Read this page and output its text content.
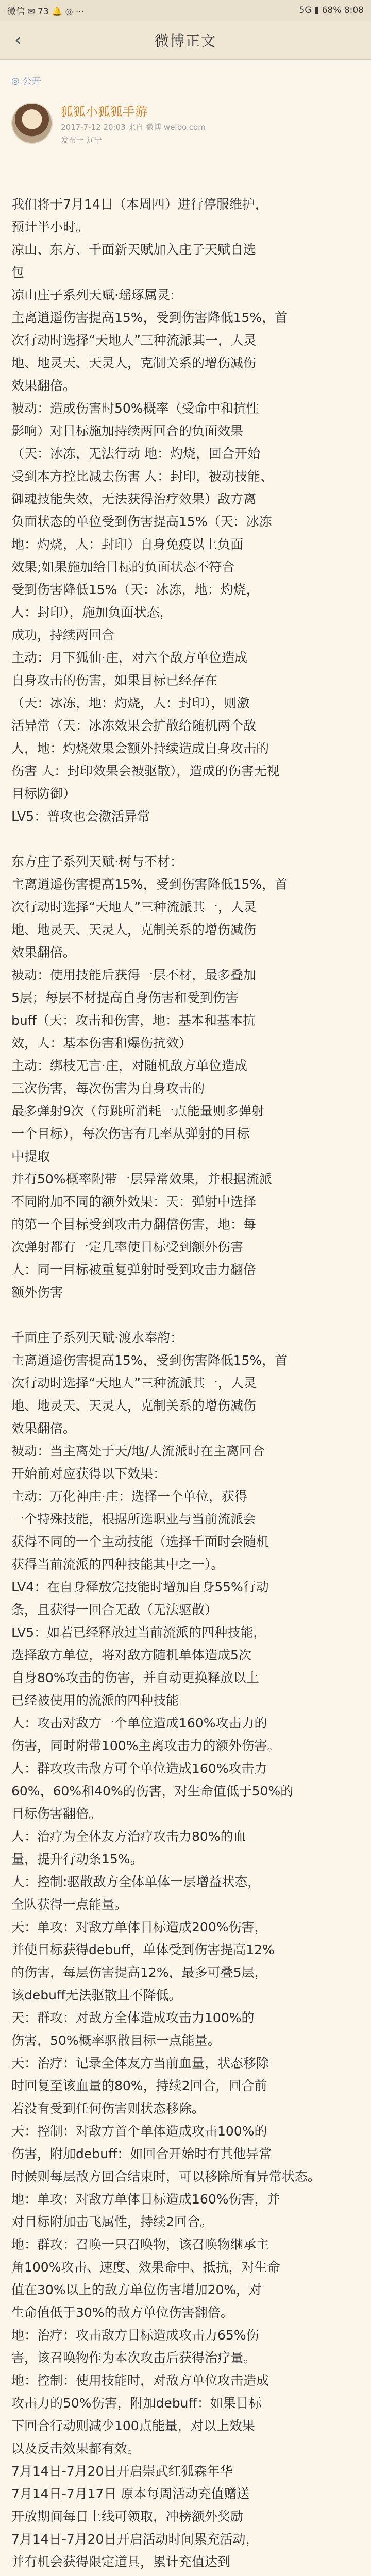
微信 ✉ 73 🔔 ◎ ···	5G ▮ 68% 8:08
‹	微博正文
◎ 公开
狐狐小狐狐手游
2017-7-12 20:03 来自 微博 weibo.com
发布于 辽宁
我们将于7月14日（本周四）进行停服维护，
预计半小时。
凉山、东方、千面新天赋加入庄子天赋自选
包
凉山庄子系列天赋·瑶琢属灵:
主离逍遥伤害提高15%，受到伤害降低15%，首
次行动时选择“天地人”三种流派其一，人灵
地、地灵天、天灵人，克制关系的增伤减伤
效果翻倍。
被动：造成伤害时50%概率（受命中和抗性
影响）对目标施加持续两回合的负面效果
（天：冰冻，无法行动 地：灼烧，回合开始
受到本方控比减去伤害 人：封印，被动技能、
御魂技能失效，无法获得治疗效果）敌方离
负面状态的单位受到伤害提高15%（天：冰冻
地：灼烧，人：封印）自身免疫以上负面
效果;如果施加给目标的负面状态不符合
受到伤害降低15%（天：冰冻，地：灼烧，
人：封印），施加负面状态，
成功，持续两回合
主动：月下狐仙·庄，对六个敌方单位造成
自身攻击的伤害，如果目标已经存在
（天：冰冻，地：灼烧，人：封印），则激
活异常（天：冰冻效果会扩散给随机两个敌
人，地：灼烧效果会额外持续造成自身攻击的
伤害 人：封印效果会被驱散），造成的伤害无视
目标防御）
LV5：普攻也会激活异常
东方庄子系列天赋·树与不材：
主离逍遥伤害提高15%，受到伤害降低15%，首
次行动时选择“天地人”三种流派其一，人灵
地、地灵天、天灵人，克制关系的增伤减伤
效果翻倍。
被动：使用技能后获得一层不材，最多叠加
5层；每层不材提高自身伤害和受到伤害
buff（天：攻击和伤害，地：基本和基本抗
效，人：基本伤害和爆伤抗效）
主动：绑枝无言·庄，对随机敌方单位造成
三次伤害，每次伤害为自身攻击的
最多弹射9次（每跳所消耗一点能量则多弹射
一个目标），每次伤害有几率从弹射的目标
中提取
并有50%概率附带一层异常效果，并根据流派
不同附加不同的额外效果：天：弹射中选择
的第一个目标受到攻击力翻倍伤害，地：每
次弹射都有一定几率使目标受到额外伤害
人：同一目标被重复弹射时受到攻击力翻倍
额外伤害
千面庄子系列天赋·渡水奉韵：
主离逍遥伤害提高15%，受到伤害降低15%，首
次行动时选择“天地人”三种流派其一，人灵
地、地灵天、天灵人，克制关系的增伤减伤
效果翻倍。
被动：当主离处于天/地/人流派时在主离回合
开始前对应获得以下效果：
主动：万化神庄·庄：选择一个单位，获得
一个特殊技能，根据所选职业与当前流派会
获得不同的一个主动技能（选择千面时会随机
获得当前流派的四种技能其中之一）。
LV4：在自身释放完技能时增加自身55%行动
条，且获得一回合无敌（无法驱散）
LV5：如若已经释放过当前流派的四种技能，
选择敌方单位，将对敌方随机单体造成5次
自身80%攻击的伤害，并自动更换释放以上
已经被使用的流派的四种技能
人：攻击对敌方一个单位造成160%攻击力的
伤害，同时附带100%主离攻击力的额外伤害。
人：群攻攻击敌方可个单位造成160%攻击力
60%，60%和40%的伤害，对生命值低于50%的
目标伤害翻倍。
人：治疗为全体友方治疗攻击力80%的血
量，提升行动条15%。
人：控制:驱散敌方全体单体一层增益状态，
全队获得一点能量。
天：单攻：对敌方单体目标造成200%伤害，
并使目标获得debuff，单体受到伤害提高12%
的伤害，每层伤害提高12%，最多可叠5层，
该debuff无法驱散且不降低。
天：群攻：对敌方全体造成攻击力100%的
伤害，50%概率驱散目标一点能量。
天：治疗：记录全体友方当前血量，状态移除
时回复至该血量的80%，持续2回合，回合前
若没有受到任何伤害则状态移除。
天：控制：对敌方首个单体造成攻击100%的
伤害，附加debuff：如回合开始时有其他异常
时候则每层敌方回合结束时，可以移除所有异常状态。
地：单攻：对敌方单体目标造成160%伤害，并
对目标附加击飞属性，持续2回合。
地：群攻：召唤一只召唤物，该召唤物继承主
角100%攻击、速度、效果命中、抵抗，对生命
值在30%以上的敌方单位伤害增加20%，对
生命值低于30%的敌方单位伤害翻倍。
地：治疗：攻击敌方目标造成攻击力65%伤
害，该召唤物作为本次攻击后获得治疗量。
地：控制：使用技能时，对敌方单位攻击造成
攻击力的50%伤害，附加debuff：如果目标
下回合行动则减少100点能量，对以上效果
以及反击效果都有效。
7月14日-7月20日开启崇武红狐森年华
7月14日-7月17日 原本每周活动充值赠送
开放期间每日上线可领取，冲榜额外奖励
7月14日-7月20日开启活动时间累充活动，
并有机会获得限定道具，累计充值达到
